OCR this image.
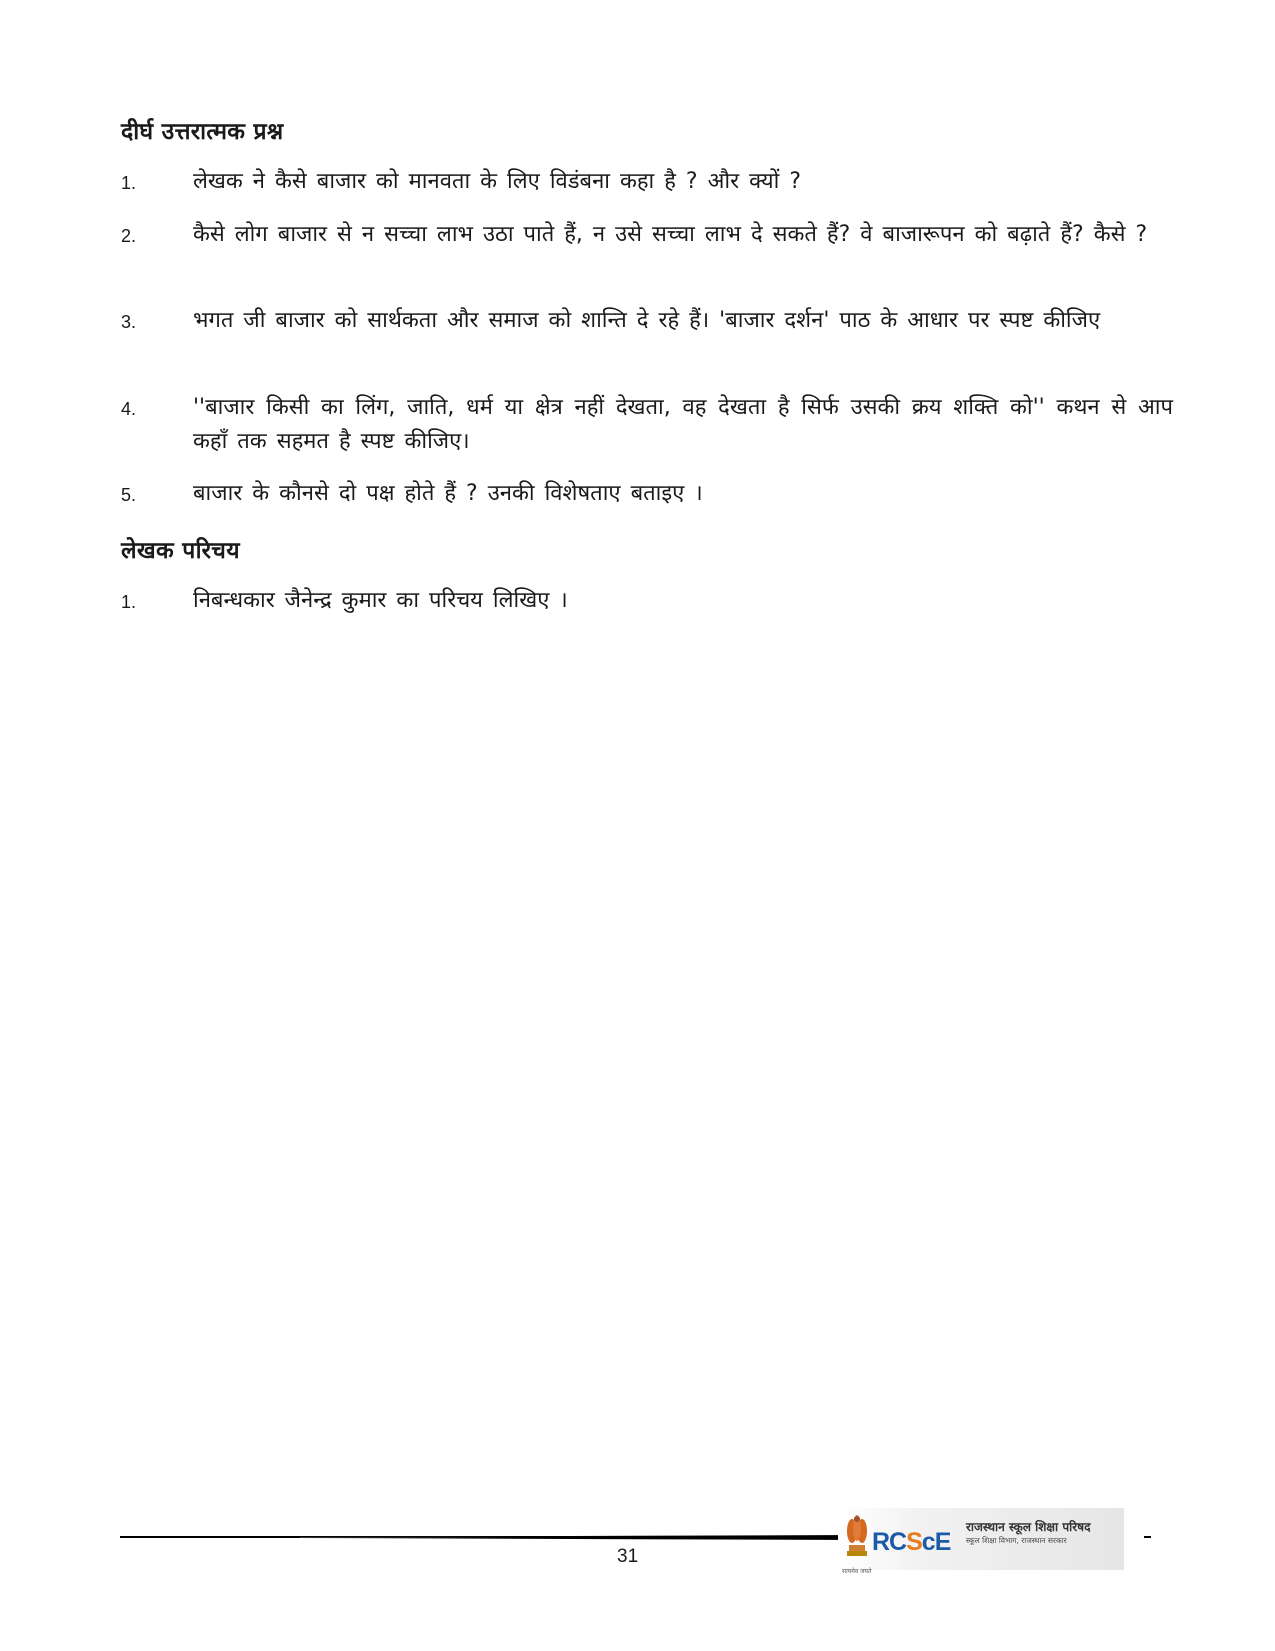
दीर्घ उत्तरात्मक प्रश्न
1.	लेखक ने कैसे बाजार को मानवता के लिए विडंबना कहा है ? और क्यों ?
2.	कैसे लोग बाजार से न सच्चा लाभ उठा पाते हैं, न उसे सच्चा लाभ दे सकते हैं? वे बाजारूपन को बढ़ाते हैं? कैसे ?
3.	भगत जी बाजार को सार्थकता और समाज को शान्ति दे रहे हैं। 'बाजार दर्शन' पाठ के आधार पर स्पष्ट कीजिए
4.	''बाजार किसी का लिंग, जाति, धर्म या क्षेत्र नहीं देखता, वह देखता है सिर्फ उसकी क्रय शक्ति को'' कथन से आप कहाँ तक सहमत है स्पष्ट कीजिए।
5.	बाजार के कौनसे दो पक्ष होते हैं ? उनकी विशेषताए बताइए ।
लेखक परिचय
1.	निबन्धकार जैनेन्द्र कुमार का परिचय लिखिए ।
31
सत्यमेव जयते
RCScE
राजस्थान स्कूल शिक्षा परिषद
स्कूल शिक्षा विभाग, राजस्थान सरकार
